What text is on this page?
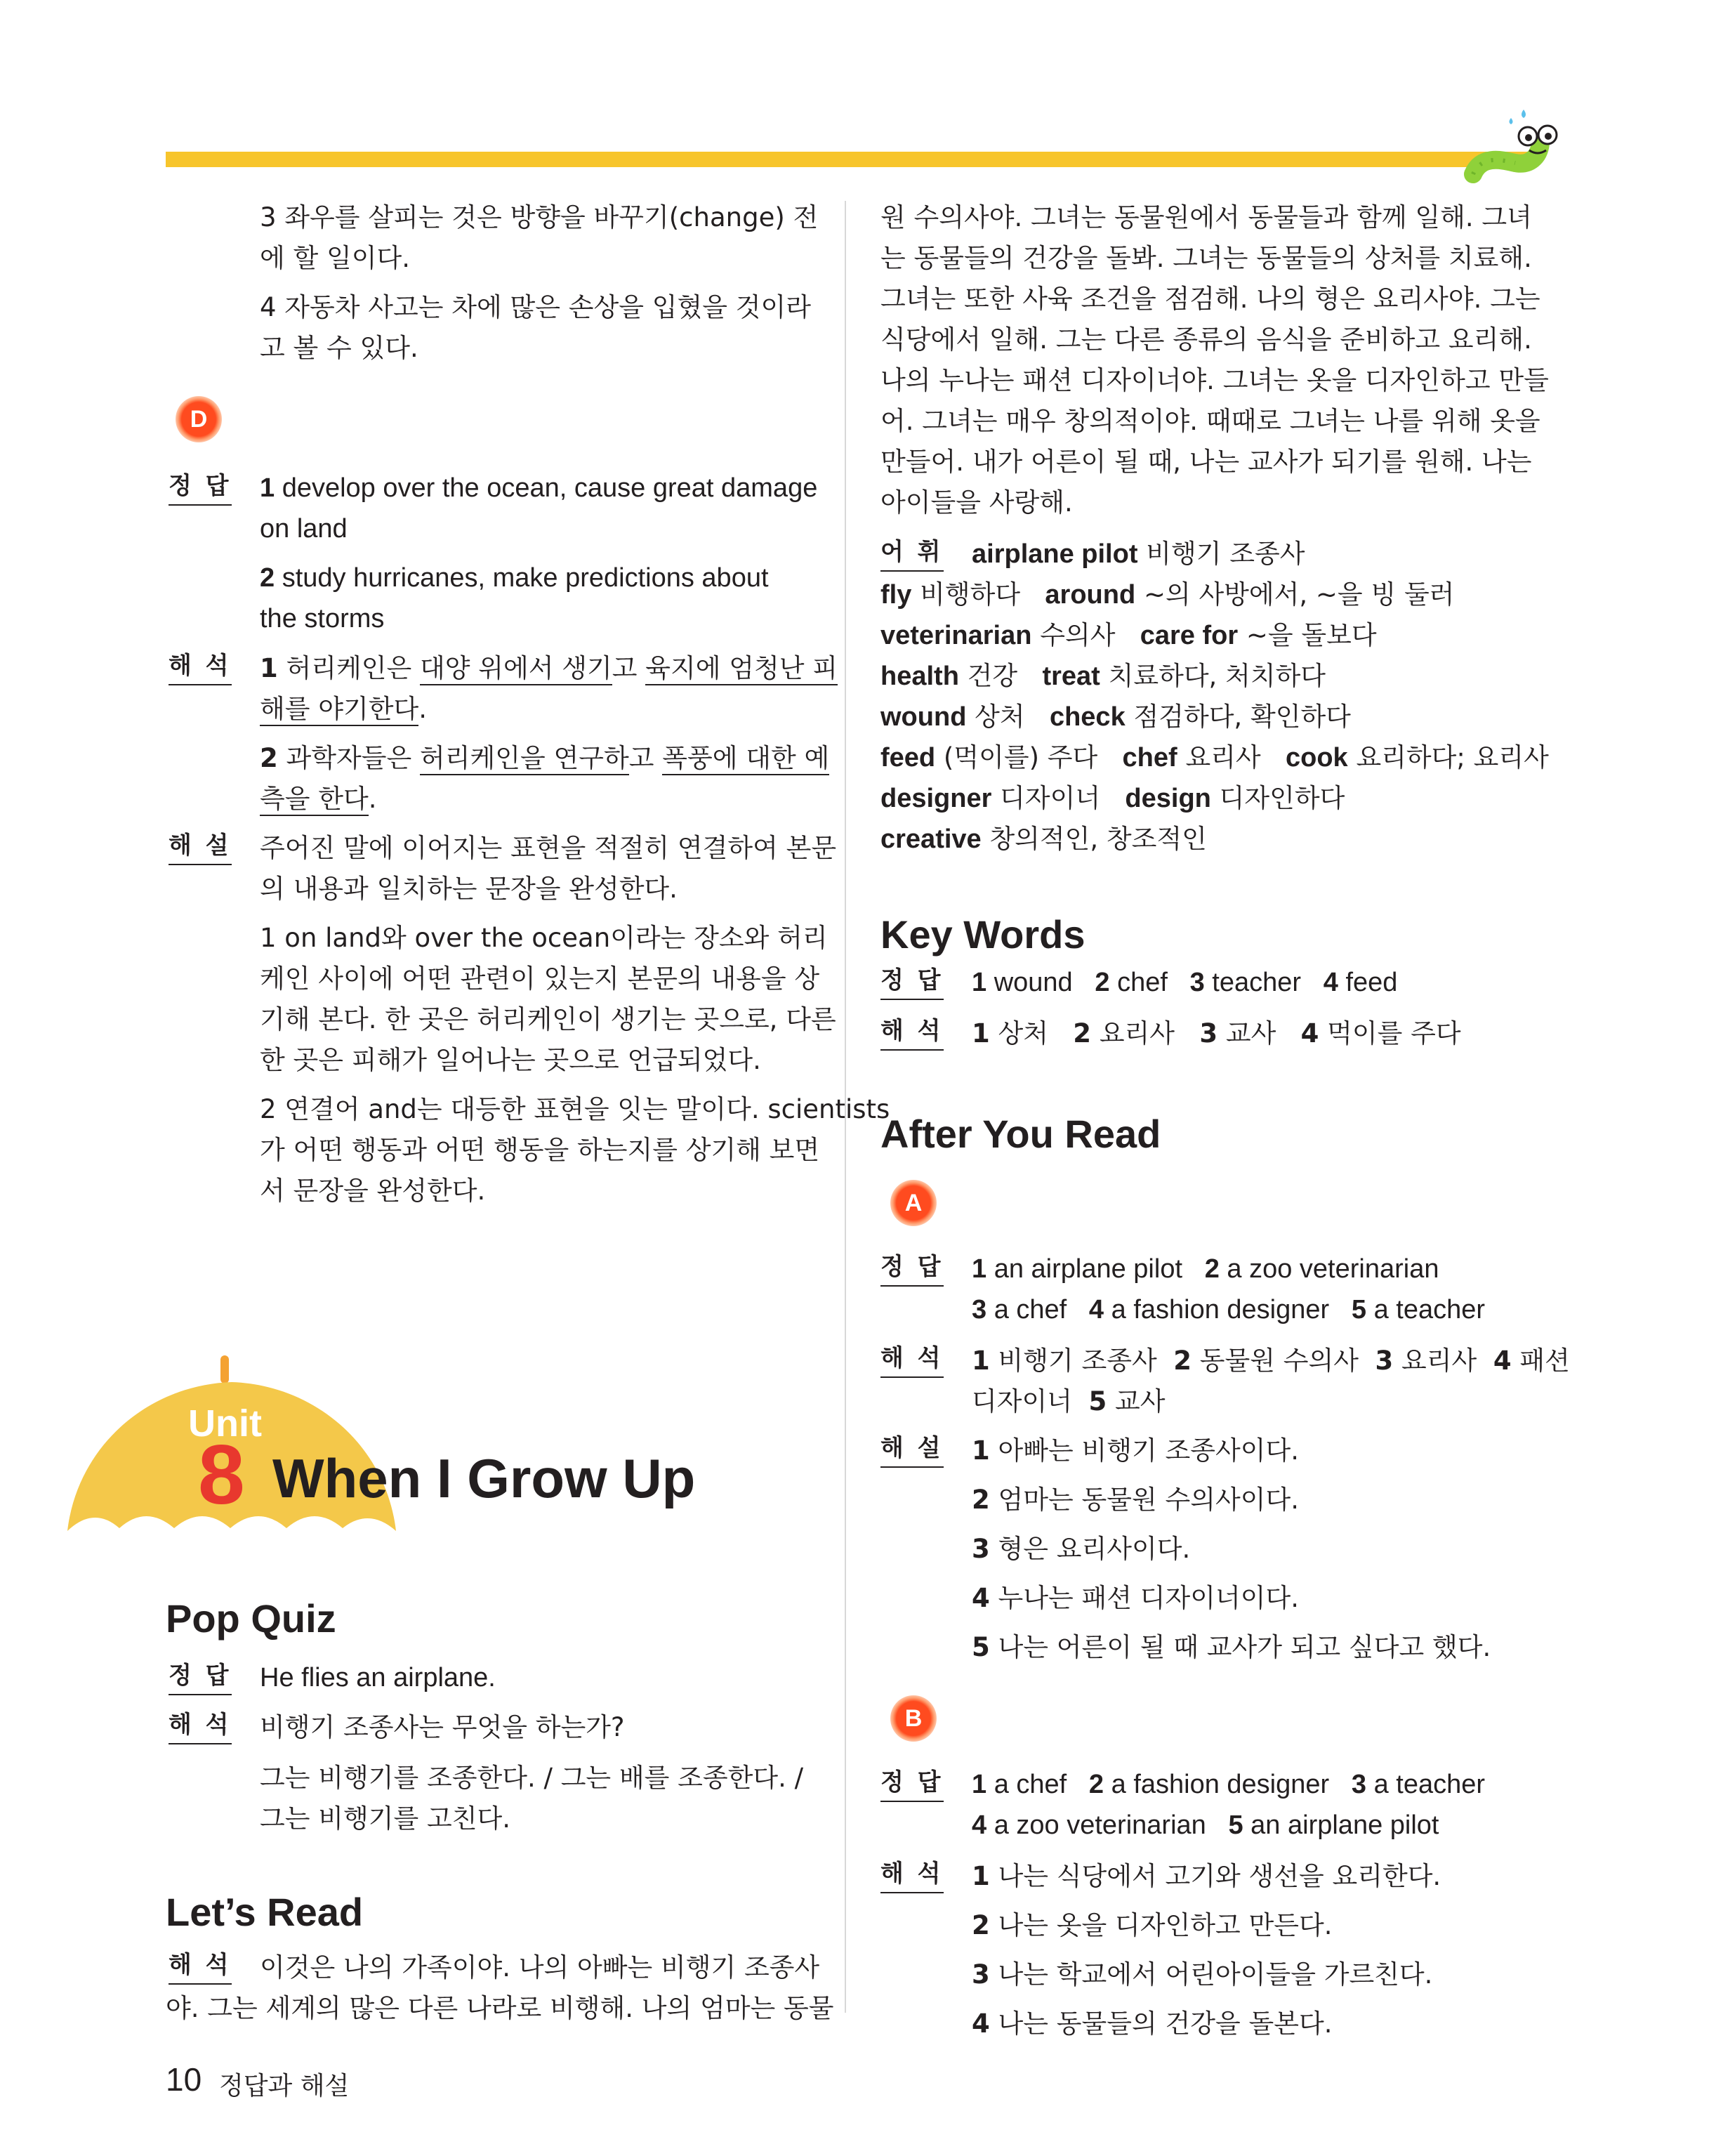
3 좌우를 살피는 것은 방향을 바꾸기(change) 전
에 할 일이다.
4 자동차 사고는 차에 많은 손상을 입혔을 것이라
고 볼 수 있다.
D
정 답 1 develop over the ocean, cause great damage
on land
2 study hurricanes, make predictions about
the storms
해 석 1 허리케인은 대양 위에서 생기고 육지에 엄청난 피
해를 야기한다.
2 과학자들은 허리케인을 연구하고 폭풍에 대한 예
측을 한다.
해 설 주어진 말에 이어지는 표현을 적절히 연결하여 본문
의 내용과 일치하는 문장을 완성한다.
1 on land와 over the ocean이라는 장소와 허리
케인 사이에 어떤 관련이 있는지 본문의 내용을 상
기해 본다. 한 곳은 허리케인이 생기는 곳으로, 다른
한 곳은 피해가 일어나는 곳으로 언급되었다.
2 연결어 and는 대등한 표현을 잇는 말이다. scientists
가 어떤 행동과 어떤 행동을 하는지를 상기해 보면
서 문장을 완성한다.
Unit
8 When I Grow Up
Pop Quiz
정 답 He flies an airplane.
해 석 비행기 조종사는 무엇을 하는가?
그는 비행기를 조종한다. / 그는 배를 조종한다. /
그는 비행기를 고친다.
Let’s Read
해 석 이것은 나의 가족이야. 나의 아빠는 비행기 조종사
야. 그는 세계의 많은 다른 나라로 비행해. 나의 엄마는 동물
원 수의사야. 그녀는 동물원에서 동물들과 함께 일해. 그녀
는 동물들의 건강을 돌봐. 그녀는 동물들의 상처를 치료해.
그녀는 또한 사육 조건을 점검해. 나의 형은 요리사야. 그는
식당에서 일해. 그는 다른 종류의 음식을 준비하고 요리해.
나의 누나는 패션 디자이너야. 그녀는 옷을 디자인하고 만들
어. 그녀는 매우 창의적이야. 때때로 그녀는 나를 위해 옷을
만들어. 내가 어른이 될 때, 나는 교사가 되기를 원해. 나는
아이들을 사랑해.
어 휘 airplane pilot 비행기 조종사
fly 비행하다 around ~의 사방에서, ~을 빙 둘러
veterinarian 수의사 care for ~을 돌보다
health 건강 treat 치료하다, 처치하다
wound 상처 check 점검하다, 확인하다
feed (먹이를) 주다 chef 요리사 cook 요리하다; 요리사
designer 디자이너 design 디자인하다
creative 창의적인, 창조적인
Key Words
정 답 1 wound 2 chef 3 teacher 4 feed
해 석 1 상처 2 요리사 3 교사 4 먹이를 주다
After You Read
A
정 답 1 an airplane pilot 2 a zoo veterinarian
3 a chef 4 a fashion designer 5 a teacher
해 석 1 비행기 조종사 2 동물원 수의사 3 요리사 4 패션
디자이너 5 교사
해 설 1 아빠는 비행기 조종사이다.
2 엄마는 동물원 수의사이다.
3 형은 요리사이다.
4 누나는 패션 디자이너이다.
5 나는 어른이 될 때 교사가 되고 싶다고 했다.
B
정 답 1 a chef 2 a fashion designer 3 a teacher
4 a zoo veterinarian 5 an airplane pilot
해 석 1 나는 식당에서 고기와 생선을 요리한다.
2 나는 옷을 디자인하고 만든다.
3 나는 학교에서 어린아이들을 가르친다.
4 나는 동물들의 건강을 돌본다.
10 정답과 해설
